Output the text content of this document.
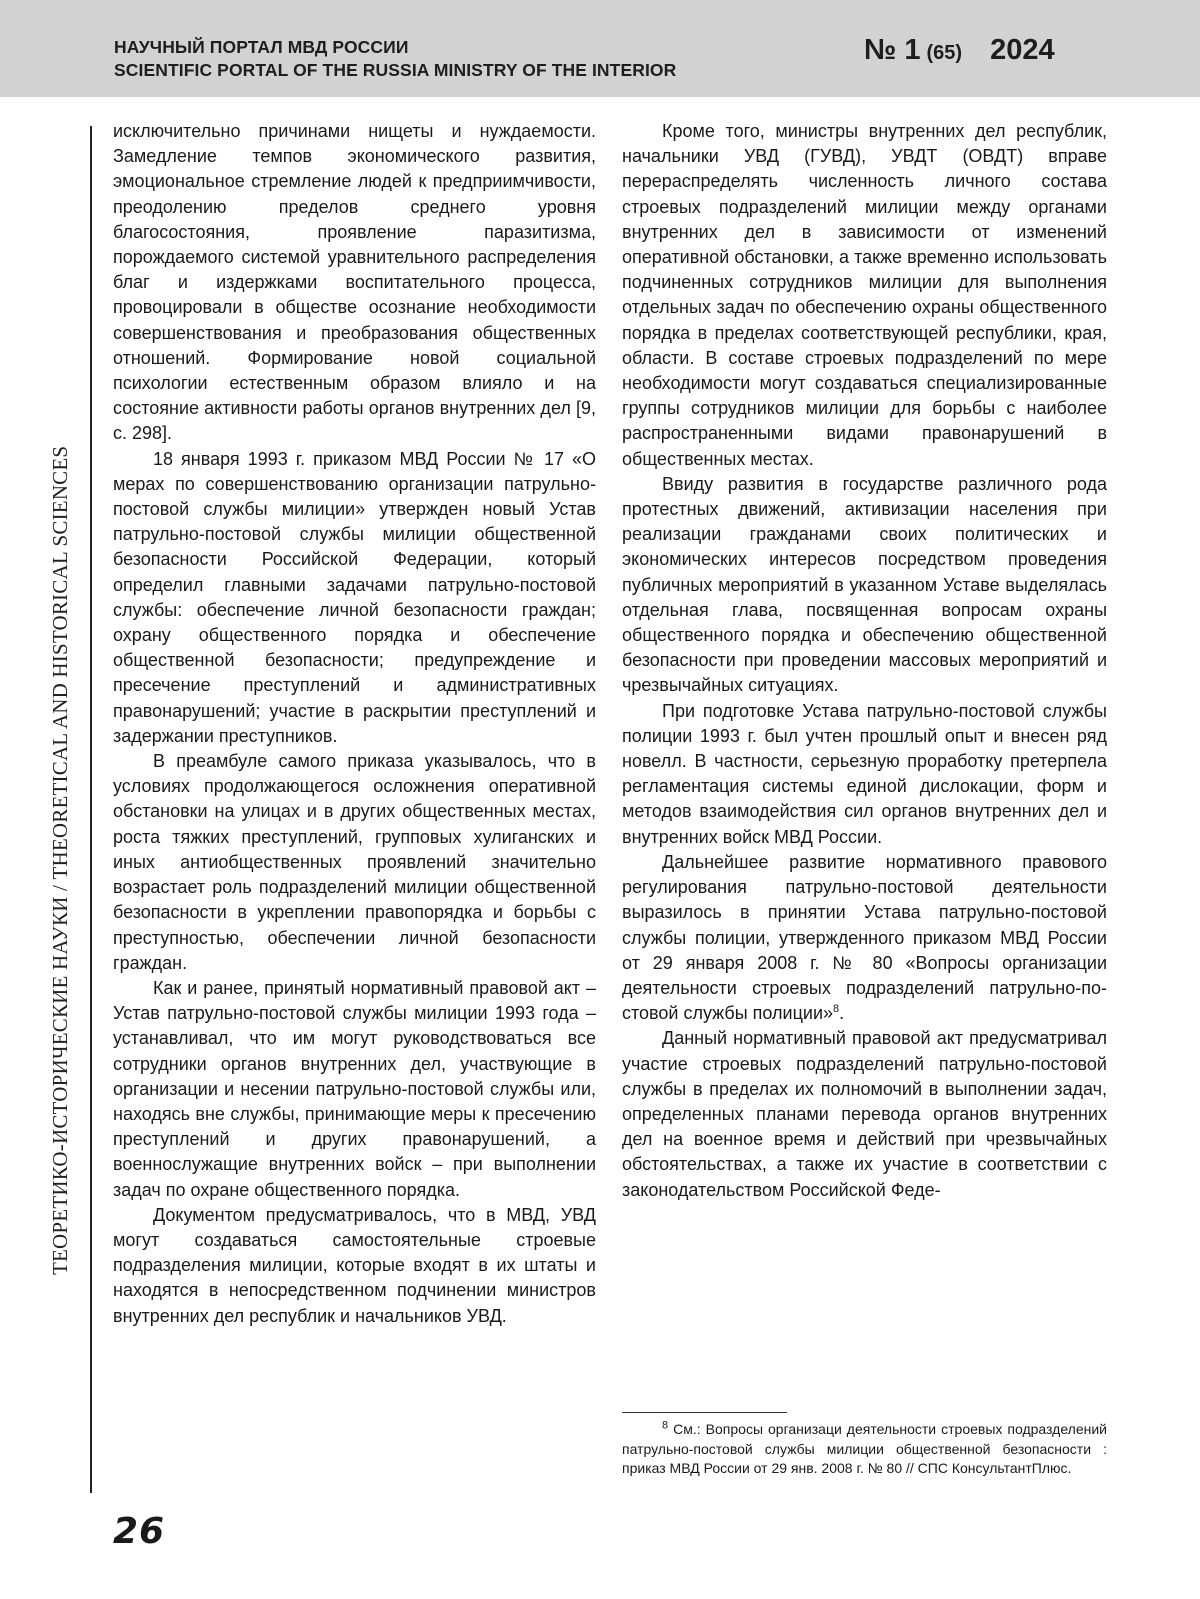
НАУЧНЫЙ ПОРТАЛ МВД РОССИИ
SCIENTIFIC PORTAL OF THE RUSSIA MINISTRY OF THE INTERIOR
№ 1 (65) 2024
ТЕОРЕТИКО-ИСТОРИЧЕСКИЕ НАУКИ / THEORETICAL AND HISTORICAL SCIENCES

исключительно причинами нищеты и нуждаемости. Замедление темпов экономического развития, эмоциональное стремление людей к предприимчивости, преодолению пределов среднего уровня благосостояния, проявление паразитизма, порождаемого системой уравнительного распределения благ и издержками воспитательного процесса, провоцировали в обществе осознание необходимости совершенствования и преобразования общественных отношений. Формирование новой социальной психологии естественным образом влияло и на состояние активности работы органов внутренних дел [9, с. 298].

18 января 1993 г. приказом МВД России № 17 «О мерах по совершенствованию организации патрульно-постовой службы милиции» утвержден новый Устав патрульно-постовой службы милиции общественной безопасности Российской Федерации, который определил главными задачами патрульно-постовой службы: обеспечение личной безопасности граждан; охрану общественного порядка и обеспечение общественной безопасности; предупреждение и пресечение преступлений и административных правонарушений; участие в раскрытии преступлений и задержании преступников.

В преамбуле самого приказа указывалось, что в условиях продолжающегося осложнения оперативной обстановки на улицах и в других общественных местах, роста тяжких преступлений, групповых хулиганских и иных антиобщественных проявлений значительно возрастает роль подразделений милиции общественной безопасности в укреплении правопорядка и борьбы с преступностью, обеспечении личной безопасности граждан.

Как и ранее, принятый нормативный правовой акт – Устав патрульно-постовой службы милиции 1993 года – устанавливал, что им могут руководствоваться все сотрудники органов внутренних дел, участвующие в организации и несении патрульно-постовой службы или, находясь вне службы, принимающие меры к пресечению преступлений и других правонарушений, а военнослужащие внутренних войск – при выполнении задач по охране общественного порядка.

Документом предусматривалось, что в МВД, УВД могут создаваться самостоятельные строевые подразделения милиции, которые входят в их штаты и находятся в непосредственном подчинении министров внутренних дел республик и начальников УВД.

Кроме того, министры внутренних дел республик, начальники УВД (ГУВД), УВДТ (ОВДТ) вправе перераспределять численность личного состава строевых подразделений милиции между органами внутренних дел в зависимости от изменений оперативной обстановки, а также временно использовать подчиненных сотрудников милиции для выполнения отдельных задач по обеспечению охраны общественного порядка в пределах соответствующей республики, края, области. В составе строевых подразделений по мере необходимости могут создаваться специализированные группы сотрудников милиции для борьбы с наиболее распространенными видами правонарушений в общественных местах.

Ввиду развития в государстве различного рода протестных движений, активизации населения при реализации гражданами своих политических и экономических интересов посредством проведения публичных мероприятий в указанном Уставе выделялась отдельная глава, посвященная вопросам охраны общественного порядка и обеспечению общественной безопасности при проведении массовых мероприятий и чрезвычайных ситуациях.

При подготовке Устава патрульно-постовой службы полиции 1993 г. был учтен прошлый опыт и внесен ряд новелл. В частности, серьезную проработку претерпела регламентация системы единой дислокации, форм и методов взаимодействия сил органов внутренних дел и внутренних войск МВД России.

Дальнейшее развитие нормативного правового регулирования патрульно-постовой деятельности выразилось в принятии Устава патрульно-постовой службы полиции, утвержденного приказом МВД России от 29 января 2008 г. № 80 «Вопросы организации деятельности строевых подразделений патрульно-постовой службы полиции»$^8$.

Данный нормативный правовой акт предусматривал участие строевых подразделений патрульно-постовой службы в пределах их полномочий в выполнении задач, определенных планами перевода органов внутренних дел на военное время и действий при чрезвычайных обстоятельствах, а также их участие в соответствии с законодательством Российской Феде-

$^8$ См.: Вопросы организаци деятельности строевых подразделений патрульно-постовой службы милиции общественной безопасности : приказ МВД России от 29 янв. 2008 г. № 80 // СПС КонсультантПлюс.
26
